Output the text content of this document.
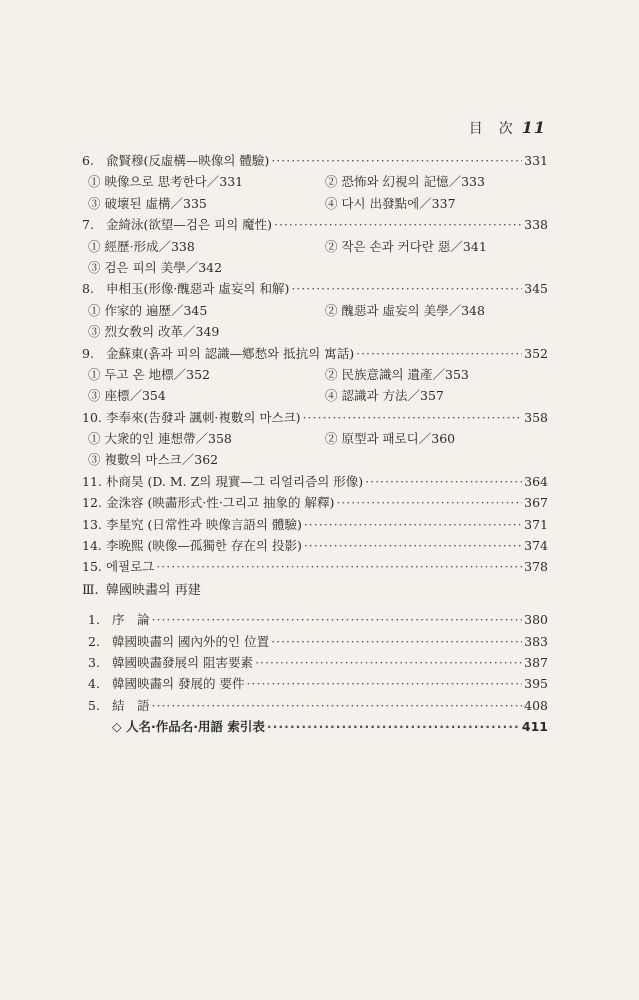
目　次 11
6. 兪賢穆(反虛構—映像의 體驗) ·····	331
① 映像으로 思考한다／331	② 恐怖와 幻視의 記憶／333
③ 破壞된 虛構／335	④ 다시 出發點에／337
7. 金綺泳(欲望—검은 피의 魔性) ·····	338
① 經歷·形成／338	② 작은 손과 커다란 惡／341
③ 검은 피의 美學／342
8. 申相玉(形像·醜惡과 虛妄의 和解) ·····	345
① 作家的 遍歷／345	② 醜惡과 虛妄의 美學／348
③ 烈女敎의 改革／349
9. 金蘇東(흙과 피의 認識—鄕愁와 抵抗의 寓話) ·····	352
① 두고 온 地標／352	② 民族意識의 遺產／353
③ 座標／354	④ 認識과 方法／357
10. 李奉來(告發과 諷刺·複數의 마스크) ·····	358
① 大衆的인 連想帶／358	② 原型과 패로디／360
③ 複數의 마스크／362
11. 朴商昊 (D. M. Z의 現實—그 리얼리즘의 形像) ·····	364
12. 金洙容 (映畵形式·性·그리고 抽象的 解釋) ·····	367
13. 李星究 (日常性과 映像言語의 體驗) ·····	371
14. 李晩熙 (映像—孤獨한 存在의 投影) ·····	374
15. 에필로그 ·····	378
Ⅲ. 韓國映畵의 再建
1. 序　論 ·····	380
2. 韓國映畵의 國內外的인 位置 ·····	383
3. 韓國映畵發展의 阻害要素 ·····	387
4. 韓國映畵의 發展的 要件 ·····	395
5. 結　語 ·····	408
◇ 人名·作品名·用語 索引表 ·····	411
